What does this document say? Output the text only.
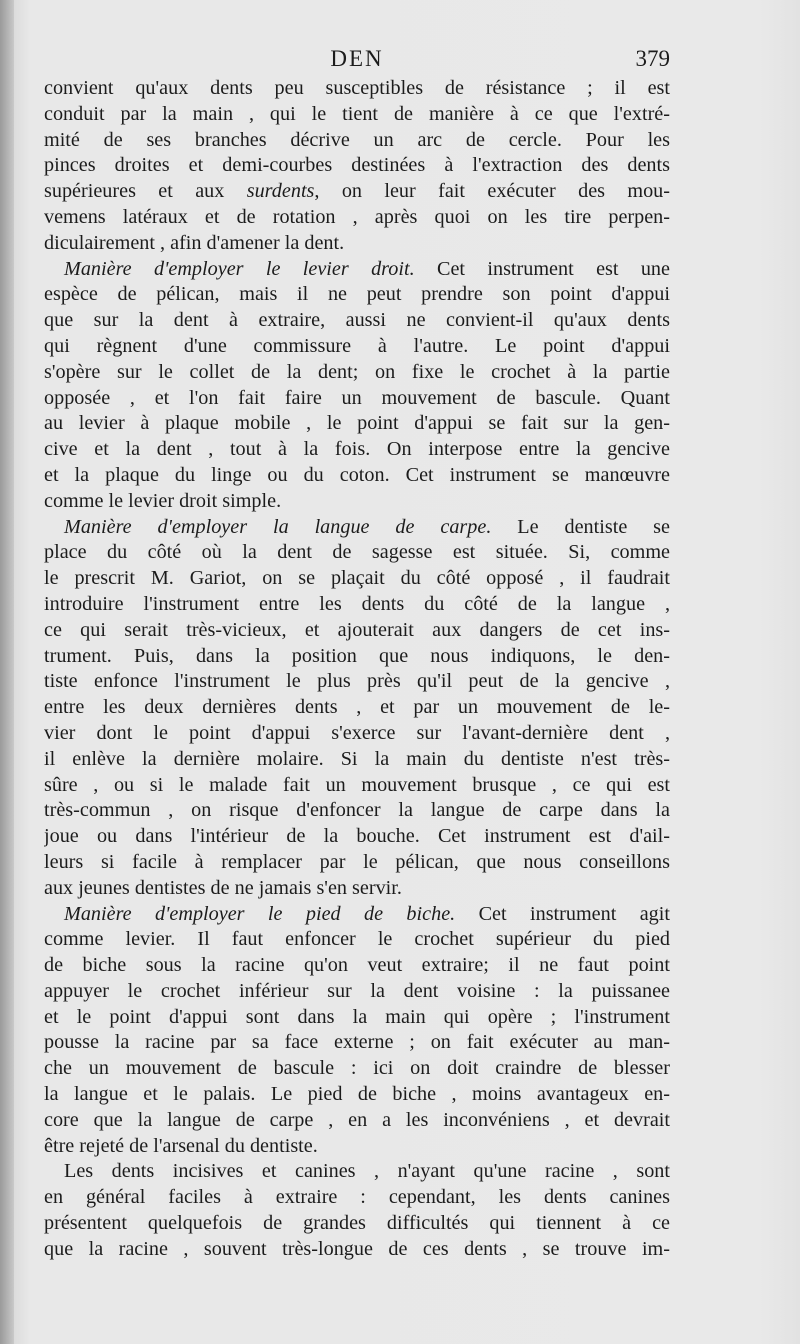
DEN	379
convient qu'aux dents peu susceptibles de résistance ; il est
conduit par la main , qui le tient de manière à ce que l'extré-
mité de ses branches décrive un arc de cercle. Pour les
pinces droites et demi-courbes destinées à l'extraction des dents
supérieures et aux surdents, on leur fait exécuter des mou-
vemens latéraux et de rotation , après quoi on les tire perpen-
diculairement , afin d'amener la dent.
Manière d'employer le levier droit. Cet instrument est une
espèce de pélican, mais il ne peut prendre son point d'appui
que sur la dent à extraire, aussi ne convient-il qu'aux dents
qui règnent d'une commissure à l'autre. Le point d'appui
s'opère sur le collet de la dent; on fixe le crochet à la partie
opposée , et l'on fait faire un mouvement de bascule. Quant
au levier à plaque mobile , le point d'appui se fait sur la gen-
cive et la dent , tout à la fois. On interpose entre la gencive
et la plaque du linge ou du coton. Cet instrument se manœuvre
comme le levier droit simple.
Manière d'employer la langue de carpe. Le dentiste se
place du côté où la dent de sagesse est située. Si, comme
le prescrit M. Gariot, on se plaçait du côté opposé , il faudrait
introduire l'instrument entre les dents du côté de la langue ,
ce qui serait très-vicieux, et ajouterait aux dangers de cet ins-
trument. Puis, dans la position que nous indiquons, le den-
tiste enfonce l'instrument le plus près qu'il peut de la gencive ,
entre les deux dernières dents , et par un mouvement de le-
vier dont le point d'appui s'exerce sur l'avant-dernière dent ,
il enlève la dernière molaire. Si la main du dentiste n'est très-
sûre , ou si le malade fait un mouvement brusque , ce qui est
très-commun , on risque d'enfoncer la langue de carpe dans la
joue ou dans l'intérieur de la bouche. Cet instrument est d'ail-
leurs si facile à remplacer par le pélican, que nous conseillons
aux jeunes dentistes de ne jamais s'en servir.
Manière d'employer le pied de biche. Cet instrument agit
comme levier. Il faut enfoncer le crochet supérieur du pied
de biche sous la racine qu'on veut extraire; il ne faut point
appuyer le crochet inférieur sur la dent voisine : la puissanee
et le point d'appui sont dans la main qui opère ; l'instrument
pousse la racine par sa face externe ; on fait exécuter au man-
che un mouvement de bascule : ici on doit craindre de blesser
la langue et le palais. Le pied de biche , moins avantageux en-
core que la langue de carpe , en a les inconvéniens , et devrait
être rejeté de l'arsenal du dentiste.
Les dents incisives et canines , n'ayant qu'une racine , sont
en général faciles à extraire : cependant, les dents canines
présentent quelquefois de grandes difficultés qui tiennent à ce
que la racine , souvent très-longue de ces dents , se trouve im-
